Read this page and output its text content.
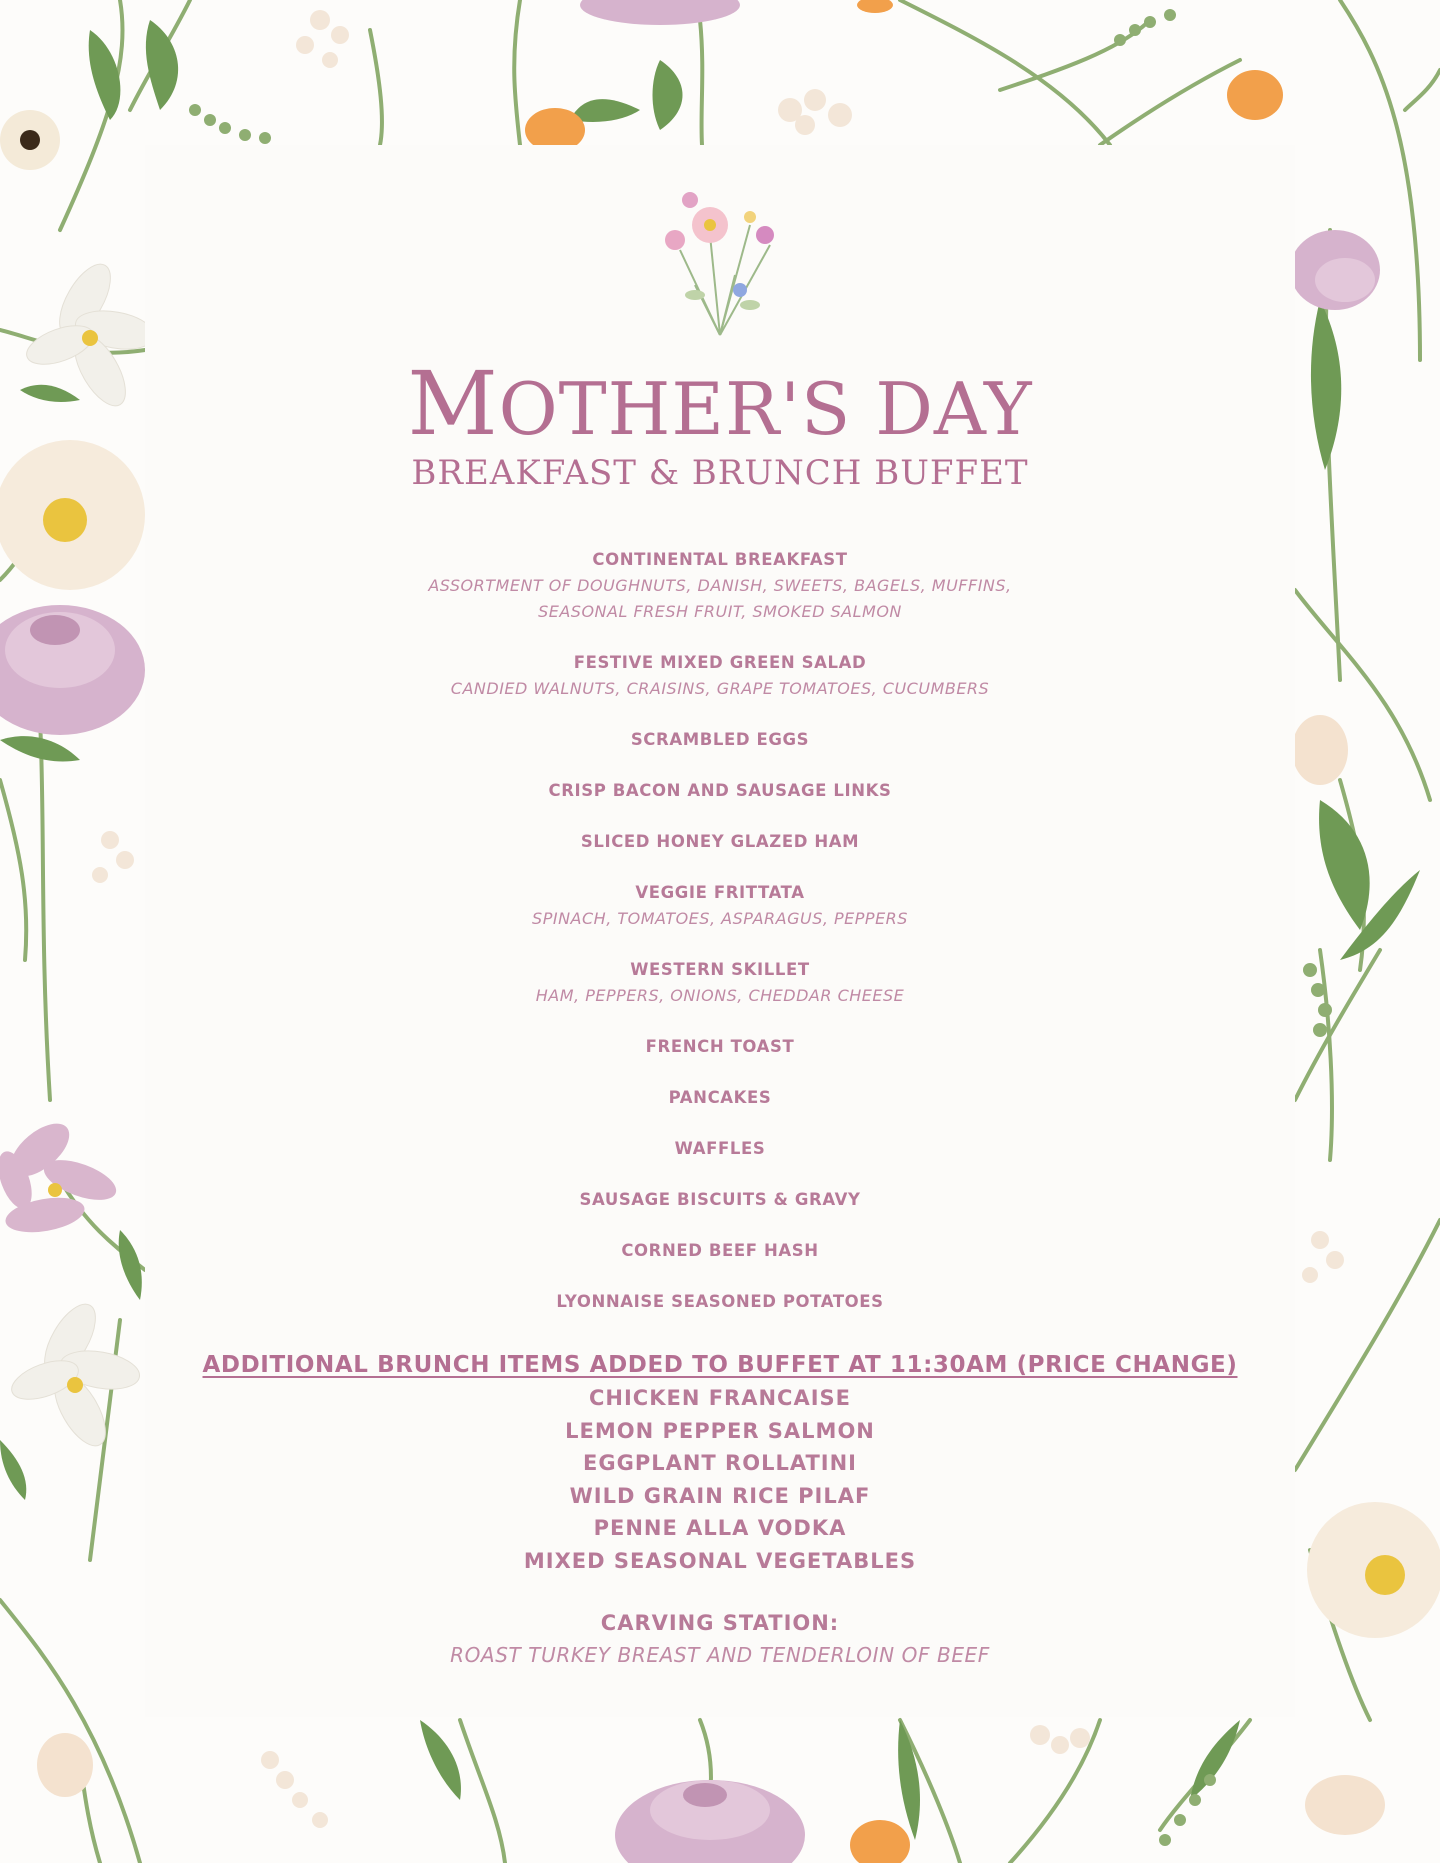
MOTHER'S DAY
BREAKFAST & BRUNCH BUFFET
CONTINENTAL BREAKFAST
ASSORTMENT OF DOUGHNUTS, DANISH, SWEETS, BAGELS, MUFFINS,
SEASONAL FRESH FRUIT, SMOKED SALMON
FESTIVE MIXED GREEN SALAD
CANDIED WALNUTS, CRAISINS, GRAPE TOMATOES, CUCUMBERS
SCRAMBLED EGGS
CRISP BACON AND SAUSAGE LINKS
SLICED HONEY GLAZED HAM
VEGGIE FRITTATA
SPINACH, TOMATOES, ASPARAGUS, PEPPERS
WESTERN SKILLET
HAM, PEPPERS, ONIONS, CHEDDAR CHEESE
FRENCH TOAST
PANCAKES
WAFFLES
SAUSAGE BISCUITS & GRAVY
CORNED BEEF HASH
LYONNAISE SEASONED POTATOES
ADDITIONAL BRUNCH ITEMS ADDED TO BUFFET AT 11:30AM (PRICE CHANGE)
CHICKEN FRANCAISE
LEMON PEPPER SALMON
EGGPLANT ROLLATINI
WILD GRAIN RICE PILAF
PENNE ALLA VODKA
MIXED SEASONAL VEGETABLES
CARVING STATION:
ROAST TURKEY BREAST AND TENDERLOIN OF BEEF
